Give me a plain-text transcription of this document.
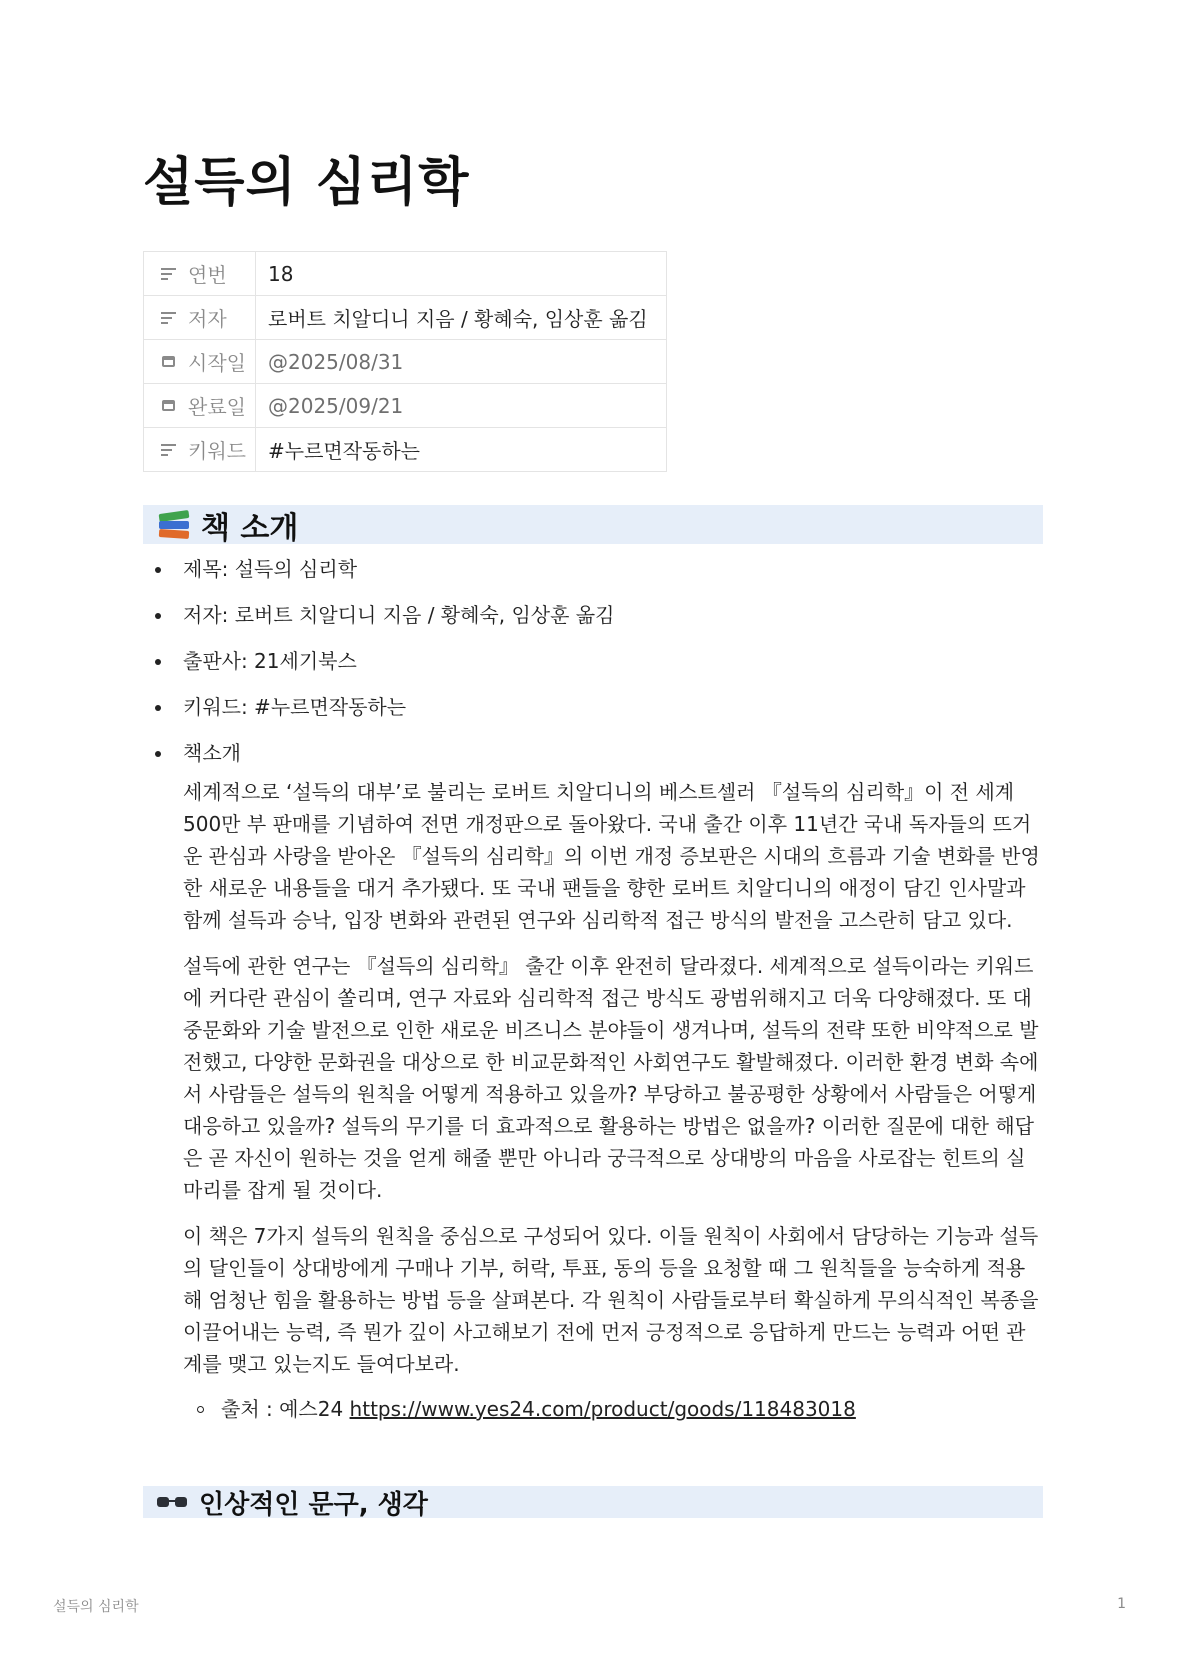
설득의 심리학
연번	18

저자	로버트 치알디니 지음 / 황혜숙, 임상훈 옮김

시작일	@2025/08/31

완료일	@2025/09/21

키워드	#누르면작동하는
책 소개
제목: 설득의 심리학
저자: 로버트 치알디니 지음 / 황혜숙, 임상훈 옮김
출판사: 21세기북스
키워드: #누르면작동하는
책소개

세계적으로 ‘설득의 대부’로 불리는 로버트 치알디니의 베스트셀러 『설득의 심리학』이 전 세계 500만 부 판매를 기념하여 전면 개정판으로 돌아왔다. 국내 출간 이후 11년간 국내 독자들의 뜨거운 관심과 사랑을 받아온 『설득의 심리학』의 이번 개정 증보판은 시대의 흐름과 기술 변화를 반영한 새로운 내용들을 대거 추가됐다. 또 국내 팬들을 향한 로버트 치알디니의 애정이 담긴 인사말과 함께 설득과 승낙, 입장 변화와 관련된 연구와 심리학적 접근 방식의 발전을 고스란히 담고 있다.

설득에 관한 연구는 『설득의 심리학』 출간 이후 완전히 달라졌다. 세계적으로 설득이라는 키워드에 커다란 관심이 쏠리며, 연구 자료와 심리학적 접근 방식도 광범위해지고 더욱 다양해졌다. 또 대중문화와 기술 발전으로 인한 새로운 비즈니스 분야들이 생겨나며, 설득의 전략 또한 비약적으로 발전했고, 다양한 문화권을 대상으로 한 비교문화적인 사회연구도 활발해졌다. 이러한 환경 변화 속에서 사람들은 설득의 원칙을 어떻게 적용하고 있을까? 부당하고 불공평한 상황에서 사람들은 어떻게 대응하고 있을까? 설득의 무기를 더 효과적으로 활용하는 방법은 없을까? 이러한 질문에 대한 해답은 곧 자신이 원하는 것을 얻게 해줄 뿐만 아니라 궁극적으로 상대방의 마음을 사로잡는 힌트의 실마리를 잡게 될 것이다.

이 책은 7가지 설득의 원칙을 중심으로 구성되어 있다. 이들 원칙이 사회에서 담당하는 기능과 설득의 달인들이 상대방에게 구매나 기부, 허락, 투표, 동의 등을 요청할 때 그 원칙들을 능숙하게 적용해 엄청난 힘을 활용하는 방법 등을 살펴본다. 각 원칙이 사람들로부터 확실하게 무의식적인 복종을 이끌어내는 능력, 즉 뭔가 깊이 사고해보기 전에 먼저 긍정적으로 응답하게 만드는 능력과 어떤 관계를 맺고 있는지도 들여다보라.

출처 : 예스24 https://www.yes24.com/product/goods/118483018
인상적인 문구, 생각
설득의 심리학	1
